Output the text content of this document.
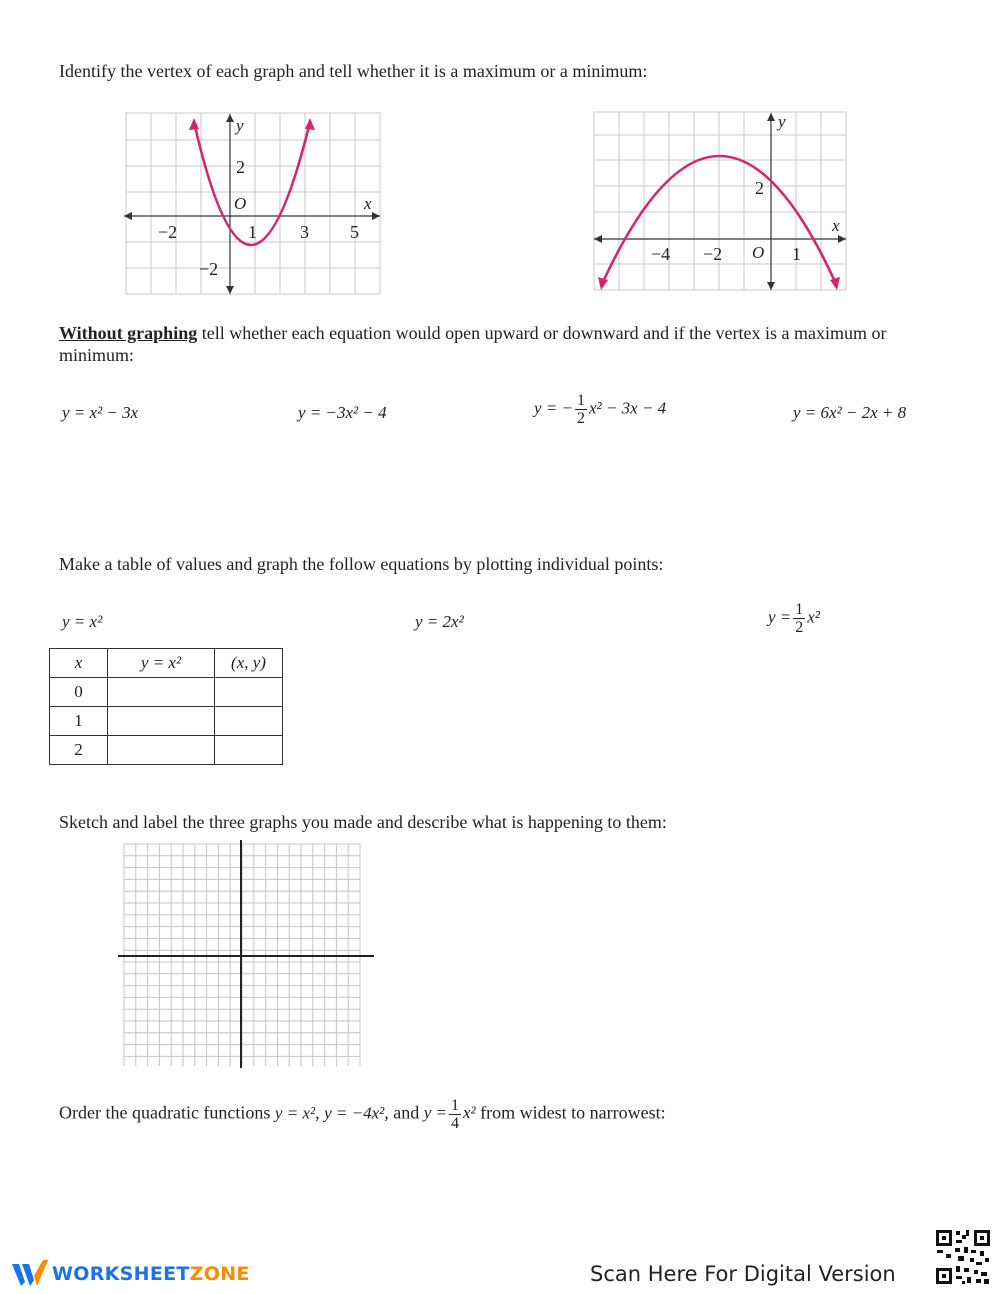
Identify the vertex of each graph and tell whether it is a maximum or a minimum:
y
x
O
2
−2
−2	1 3 5
y
x
O
2
−4 −2	1
Without graphing tell whether each equation would open upward or downward and if the vertex is a maximum or minimum:
y = x² − 3x	y = −3x² − 4	y = − $\frac{1}{2} x^2 - 3x - 4$	y = 6x² − 2x + 8
Make a table of values and graph the follow equations by plotting individual points:
y = x²	y = 2x²	$y = \frac{1}{2} x^2$
x	y = x²	(x, y)
0		
1		
2		
Sketch and label the three graphs you made and describe what is happening to them:
Order the quadratic functions y = x², y = −4x², and $y = \frac{1}{4} x^2$ from widest to narrowest:
WORKSHEETZONE	Scan Here For Digital Version
